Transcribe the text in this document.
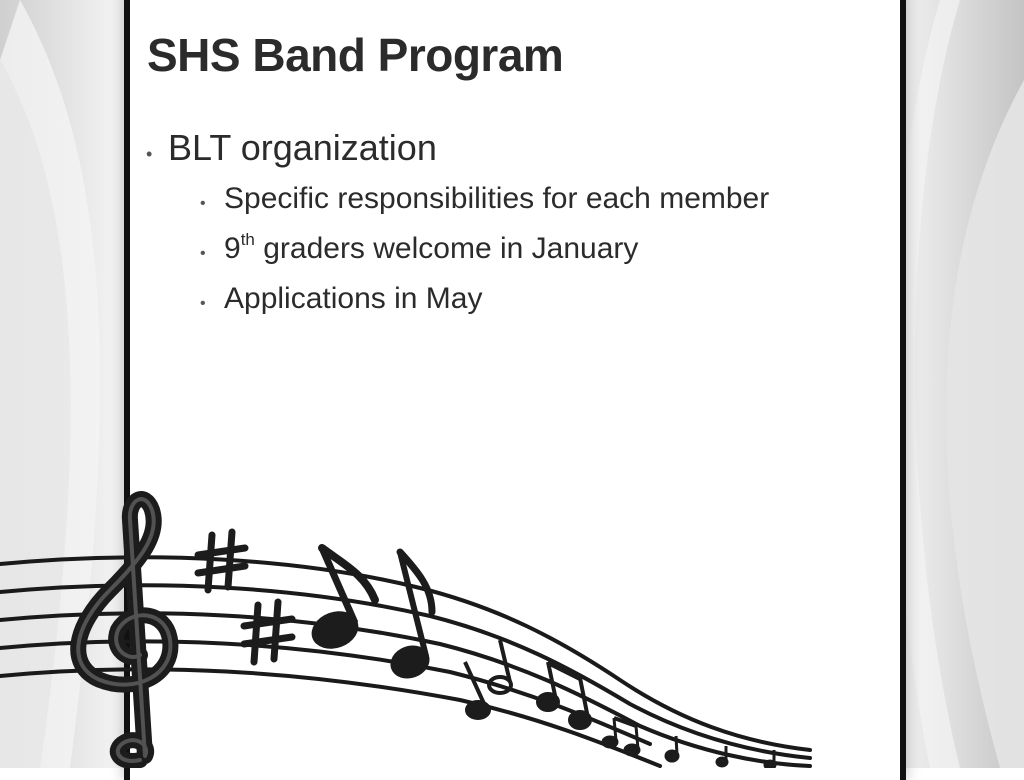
SHS Band Program
• BLT organization
• Specific responsibilities for each member
• 9th graders welcome in January
• Applications in May
